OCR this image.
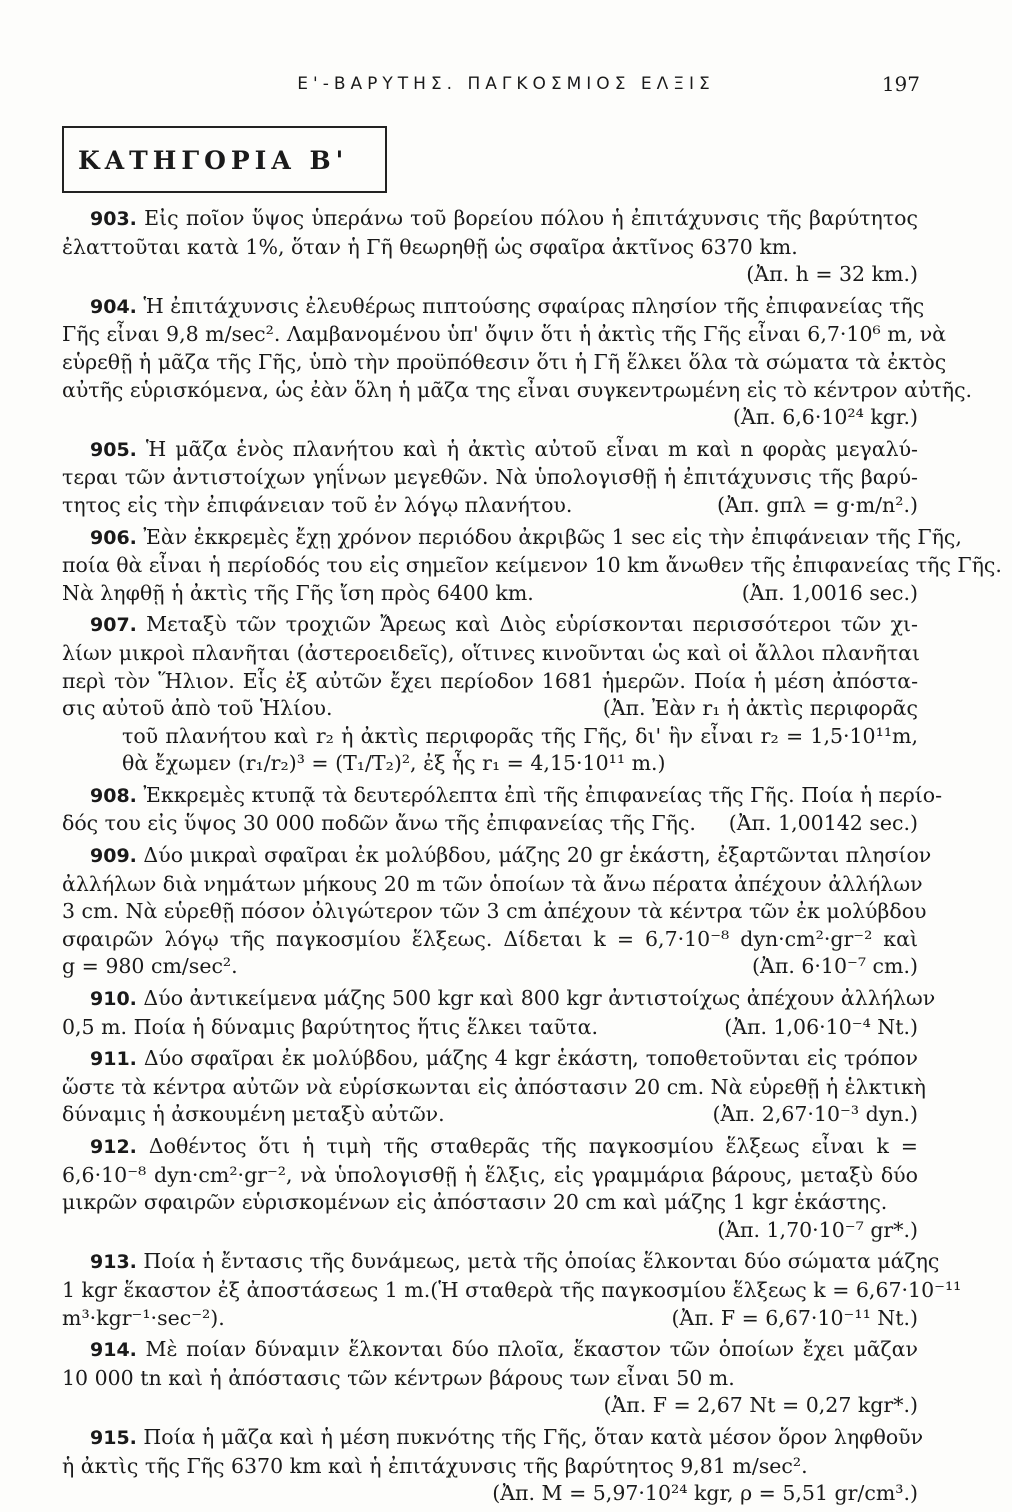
Ε'-ΒΑΡΥΤΗΣ. ΠΑΓΚΟΣΜΙΟΣ ΕΛΞΙΣ	197
ΚΑΤΗΓΟΡΙΑ Β'
903. Εἰς ποῖον ὕψος ὑπεράνω τοῦ βορείου πόλου ἡ ἐπιτάχυνσις τῆς βαρύτητος
ἐλαττοῦται κατὰ 1%, ὅταν ἡ Γῆ θεωρηθῇ ὡς σφαῖρα ἀκτῖνος 6370 km.
(Ἀπ. h = 32 km.)
904. Ἡ ἐπιτάχυνσις ἐλευθέρως πιπτούσης σφαίρας πλησίον τῆς ἐπιφανείας τῆς
Γῆς εἶναι 9,8 m/sec². Λαμβανομένου ὑπ' ὄψιν ὅτι ἡ ἀκτὶς τῆς Γῆς εἶναι 6,7·10⁶ m, νὰ
εὑρεθῇ ἡ μᾶζα τῆς Γῆς, ὑπὸ τὴν προϋπόθεσιν ὅτι ἡ Γῆ ἕλκει ὅλα τὰ σώματα τὰ ἐκτὸς
αὐτῆς εὑρισκόμενα, ὡς ἐὰν ὅλη ἡ μᾶζα της εἶναι συγκεντρωμένη εἰς τὸ κέντρον αὐτῆς.
(Ἀπ. 6,6·10²⁴ kgr.)
905. Ἡ μᾶζα ἑνὸς πλανήτου καὶ ἡ ἀκτὶς αὐτοῦ εἶναι m καὶ n φορὰς μεγαλύ-
τεραι τῶν ἀντιστοίχων γηΐνων μεγεθῶν. Νὰ ὑπολογισθῇ ἡ ἐπιτάχυνσις τῆς βαρύ-
τητος εἰς τὴν ἐπιφάνειαν τοῦ ἐν λόγῳ πλανήτου.	(Ἀπ. gπλ = g·m/n².)
906. Ἐὰν ἐκκρεμὲς ἔχῃ χρόνον περιόδου ἀκριβῶς 1 sec εἰς τὴν ἐπιφάνειαν τῆς Γῆς,
ποία θὰ εἶναι ἡ περίοδός του εἰς σημεῖον κείμενον 10 km ἄνωθεν τῆς ἐπιφανείας τῆς Γῆς.
Νὰ ληφθῇ ἡ ἀκτὶς τῆς Γῆς ἴση πρὸς 6400 km.	(Ἀπ. 1,0016 sec.)
907. Μεταξὺ τῶν τροχιῶν Ἄρεως καὶ Διὸς εὑρίσκονται περισσότεροι τῶν χι-
λίων μικροὶ πλανῆται (ἀστεροειδεῖς), οἵτινες κινοῦνται ὡς καὶ οἱ ἄλλοι πλανῆται
περὶ τὸν Ἥλιον. Εἷς ἐξ αὐτῶν ἔχει περίοδον 1681 ἡμερῶν. Ποία ἡ μέση ἀπόστα-
σις αὐτοῦ ἀπὸ τοῦ Ἡλίου.	(Ἀπ. Ἐὰν r₁ ἡ ἀκτὶς περιφορᾶς
τοῦ πλανήτου καὶ r₂ ἡ ἀκτὶς περιφορᾶς τῆς Γῆς, δι' ἣν εἶναι r₂ = 1,5·10¹¹m,
θὰ ἔχωμεν (r₁/r₂)³ = (T₁/T₂)², ἐξ ἧς r₁ = 4,15·10¹¹ m.)
908. Ἐκκρεμὲς κτυπᾷ τὰ δευτερόλεπτα ἐπὶ τῆς ἐπιφανείας τῆς Γῆς. Ποία ἡ περίο-
δός του εἰς ὕψος 30 000 ποδῶν ἄνω τῆς ἐπιφανείας τῆς Γῆς. (Ἀπ. 1,00142 sec.)
909. Δύο μικραὶ σφαῖραι ἐκ μολύβδου, μάζης 20 gr ἑκάστη, ἐξαρτῶνται πλησίον
ἀλλήλων διὰ νημάτων μήκους 20 m τῶν ὁποίων τὰ ἄνω πέρατα ἀπέχουν ἀλλήλων
3 cm. Νὰ εὑρεθῇ πόσον ὀλιγώτερον τῶν 3 cm ἀπέχουν τὰ κέντρα τῶν ἐκ μολύβδου
σφαιρῶν λόγῳ τῆς παγκοσμίου ἕλξεως. Δίδεται k = 6,7·10⁻⁸ dyn·cm²·gr⁻² καὶ
g = 980 cm/sec².	(Ἀπ. 6·10⁻⁷ cm.)
910. Δύο ἀντικείμενα μάζης 500 kgr καὶ 800 kgr ἀντιστοίχως ἀπέχουν ἀλλήλων
0,5 m. Ποία ἡ δύναμις βαρύτητος ἥτις ἕλκει ταῦτα.	(Ἀπ. 1,06·10⁻⁴ Nt.)
911. Δύο σφαῖραι ἐκ μολύβδου, μάζης 4 kgr ἑκάστη, τοποθετοῦνται εἰς τρόπον
ὥστε τὰ κέντρα αὐτῶν νὰ εὑρίσκωνται εἰς ἀπόστασιν 20 cm. Νὰ εὑρεθῇ ἡ ἑλκτικὴ
δύναμις ἡ ἀσκουμένη μεταξὺ αὐτῶν.	(Ἀπ. 2,67·10⁻³ dyn.)
912. Δοθέντος ὅτι ἡ τιμὴ τῆς σταθερᾶς τῆς παγκοσμίου ἕλξεως εἶναι k =
6,6·10⁻⁸ dyn·cm²·gr⁻², νὰ ὑπολογισθῇ ἡ ἕλξις, εἰς γραμμάρια βάρους, μεταξὺ δύο
μικρῶν σφαιρῶν εὑρισκομένων εἰς ἀπόστασιν 20 cm καὶ μάζης 1 kgr ἑκάστης.
(Ἀπ. 1,70·10⁻⁷ gr*.)
913. Ποία ἡ ἔντασις τῆς δυνάμεως, μετὰ τῆς ὁποίας ἕλκονται δύο σώματα μάζης
1 kgr ἕκαστον ἐξ ἀποστάσεως 1 m.(Ἡ σταθερὰ τῆς παγκοσμίου ἕλξεως k = 6,67·10⁻¹¹
m³·kgr⁻¹·sec⁻²).	(Ἀπ. F = 6,67·10⁻¹¹ Nt.)
914. Μὲ ποίαν δύναμιν ἕλκονται δύο πλοῖα, ἕκαστον τῶν ὁποίων ἔχει μᾶζαν
10 000 tn καὶ ἡ ἀπόστασις τῶν κέντρων βάρους των εἶναι 50 m.
(Ἀπ. F = 2,67 Nt = 0,27 kgr*.)
915. Ποία ἡ μᾶζα καὶ ἡ μέση πυκνότης τῆς Γῆς, ὅταν κατὰ μέσον ὅρον ληφθοῦν
ἡ ἀκτὶς τῆς Γῆς 6370 km καὶ ἡ ἐπιτάχυνσις τῆς βαρύτητος 9,81 m/sec².
(Ἀπ. M = 5,97·10²⁴ kgr, ρ = 5,51 gr/cm³.)
